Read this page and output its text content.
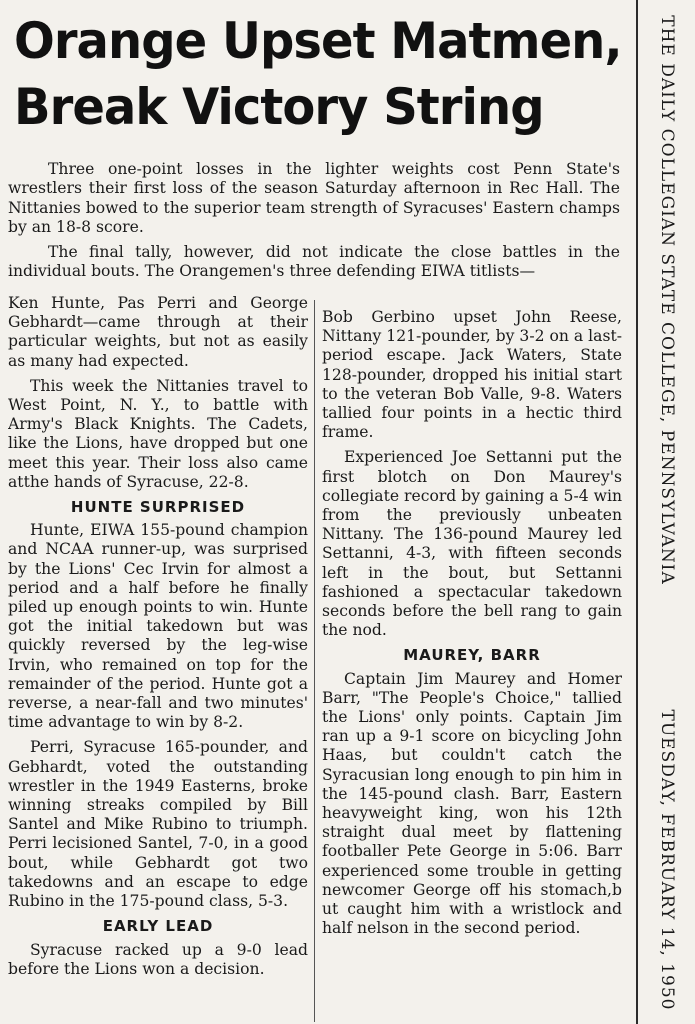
Orange Upset Matmen,
Break Victory String

Three one-point losses in the lighter weights cost Penn State's wrestlers their first loss of the season Saturday afternoon in Rec Hall. The Nittanies bowed to the superior team strength of Syracuses' Eastern champs by an 18-8 score.

The final tally, however, did not indicate the close battles in the individual bouts. The Orangemen's three defending EIWA titlists—

Ken Hunte, Pas Perri and George Gebhardt—came through at their particular weights, but not as easily as many had expected.

This week the Nittanies travel to West Point, N. Y., to battle with Army's Black Knights. The Cadets, like the Lions, have dropped but one meet this year. Their loss also came atthe hands of Syracuse, 22-8.

HUNTE SURPRISED

Hunte, EIWA 155-pound champion and NCAA runner-up, was surprised by the Lions' Cec Irvin for almost a period and a half before he finally piled up enough points to win. Hunte got the initial takedown but was quickly reversed by the leg-wise Irvin, who remained on top for the remainder of the period. Hunte got a reverse, a near-fall and two minutes' time advantage to win by 8-2.

Perri, Syracuse 165-pounder, and Gebhardt, voted the outstanding wrestler in the 1949 Easterns, broke winning streaks compiled by Bill Santel and Mike Rubino to triumph. Perri lecisioned Santel, 7-0, in a good bout, while Gebhardt got two takedowns and an escape to edge Rubino in the 175-pound class, 5-3.

EARLY LEAD

Syracuse racked up a 9-0 lead before the Lions won a decision.

Bob Gerbino upset John Reese, Nittany 121-pounder, by 3-2 on a last-period escape. Jack Waters, State 128-pounder, dropped his initial start to the veteran Bob Valle, 9-8. Waters tallied four points in a hectic third frame.

Experienced Joe Settanni put the first blotch on Don Maurey's collegiate record by gaining a 5-4 win from the previously unbeaten Nittany. The 136-pound Maurey led Settanni, 4-3, with fifteen seconds left in the bout, but Settanni fashioned a spectacular takedown seconds before the bell rang to gain the nod.

MAUREY, BARR

Captain Jim Maurey and Homer Barr, "The People's Choice," tallied the Lions' only points. Captain Jim ran up a 9-1 score on bicycling John Haas, but couldn't catch the Syracusian long enough to pin him in the 145-pound clash. Barr, Eastern heavyweight king, won his 12th straight dual meet by flattening footballer Pete George in 5:06. Barr experienced some trouble in getting newcomer George off his stomach,b ut caught him with a wristlock and half nelson in the second period.

THE DAILY COLLEGIAN STATE COLLEGE, PENNSYLVANIA
TUESDAY, FEBRUARY 14, 1950
